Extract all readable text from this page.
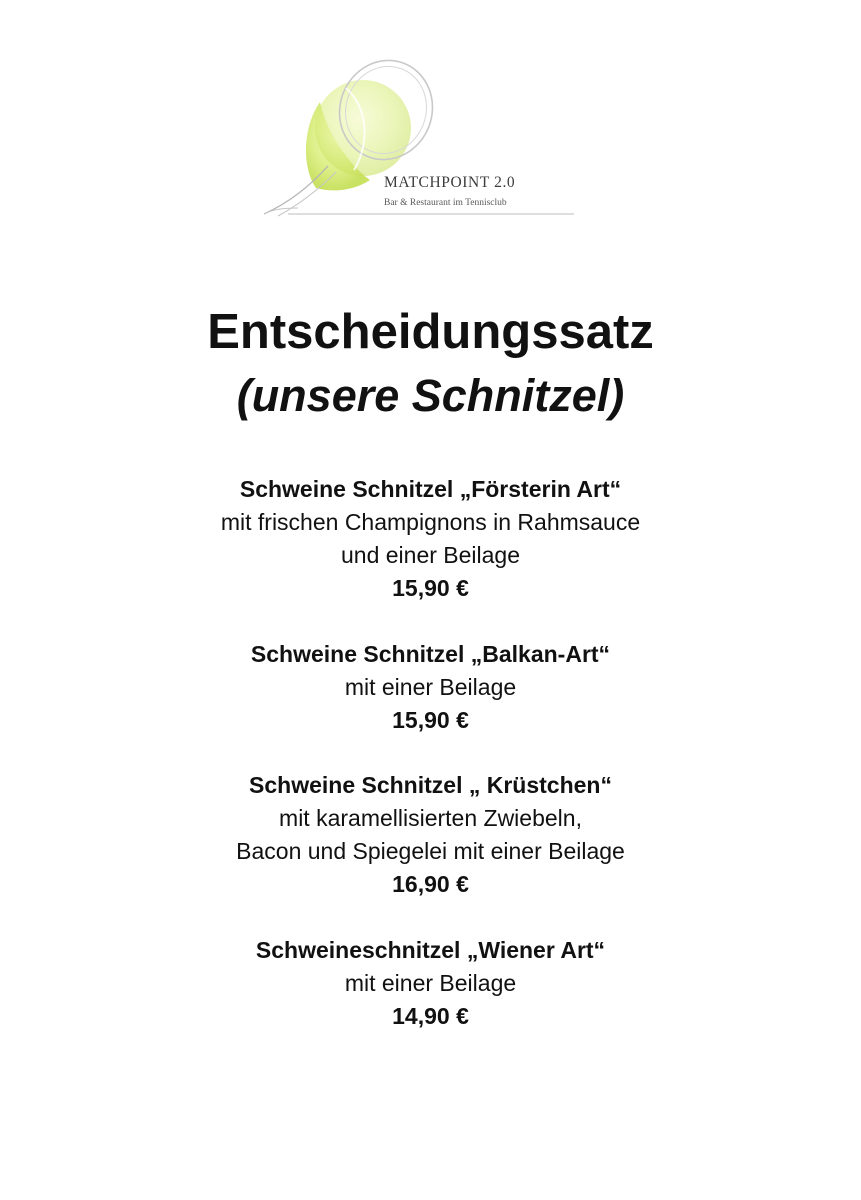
MATCHPOINT 2.0
Bar & Restaurant im Tennisclub
Entscheidungssatz
(unsere Schnitzel)
Schweine Schnitzel „Försterin Art“
mit frischen Champignons in Rahmsauce
und einer Beilage
15,90 €
Schweine Schnitzel „Balkan-Art“
mit einer Beilage
15,90 €
Schweine Schnitzel „ Krüstchen“
mit karamellisierten Zwiebeln,
Bacon und Spiegelei mit einer Beilage
16,90 €
Schweineschnitzel „Wiener Art“
mit einer Beilage
14,90 €
